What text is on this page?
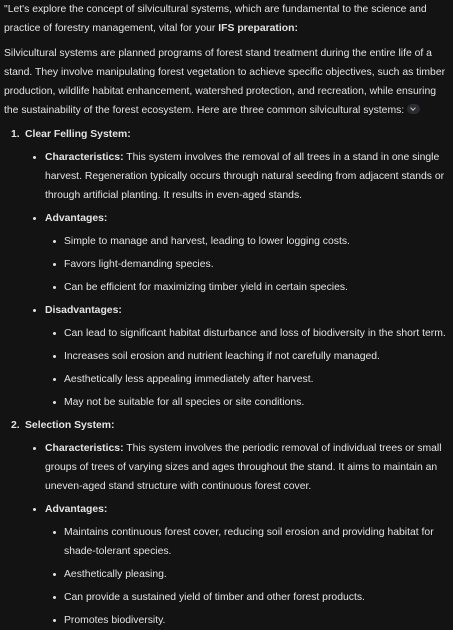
"Let's explore the concept of silvicultural systems, which are fundamental to the science and practice of forestry management, vital for your IFS preparation:

Silvicultural systems are planned programs of forest stand treatment during the entire life of a stand. They involve manipulating forest vegetation to achieve specific objectives, such as timber production, wildlife habitat enhancement, watershed protection, and recreation, while ensuring the sustainability of the forest ecosystem. Here are three common silvicultural systems:

1. Clear Felling System:
Characteristics: This system involves the removal of all trees in a stand in one single harvest. Regeneration typically occurs through natural seeding from adjacent stands or through artificial planting. It results in even-aged stands.
Advantages:
Simple to manage and harvest, leading to lower logging costs.
Favors light-demanding species.
Can be efficient for maximizing timber yield in certain species.
Disadvantages:
Can lead to significant habitat disturbance and loss of biodiversity in the short term.
Increases soil erosion and nutrient leaching if not carefully managed.
Aesthetically less appealing immediately after harvest.
May not be suitable for all species or site conditions.
2. Selection System:
Characteristics: This system involves the periodic removal of individual trees or small groups of trees of varying sizes and ages throughout the stand. It aims to maintain an uneven-aged stand structure with continuous forest cover.
Advantages:
Maintains continuous forest cover, reducing soil erosion and providing habitat for shade-tolerant species.
Aesthetically pleasing.
Can provide a sustained yield of timber and other forest products.
Promotes biodiversity.
